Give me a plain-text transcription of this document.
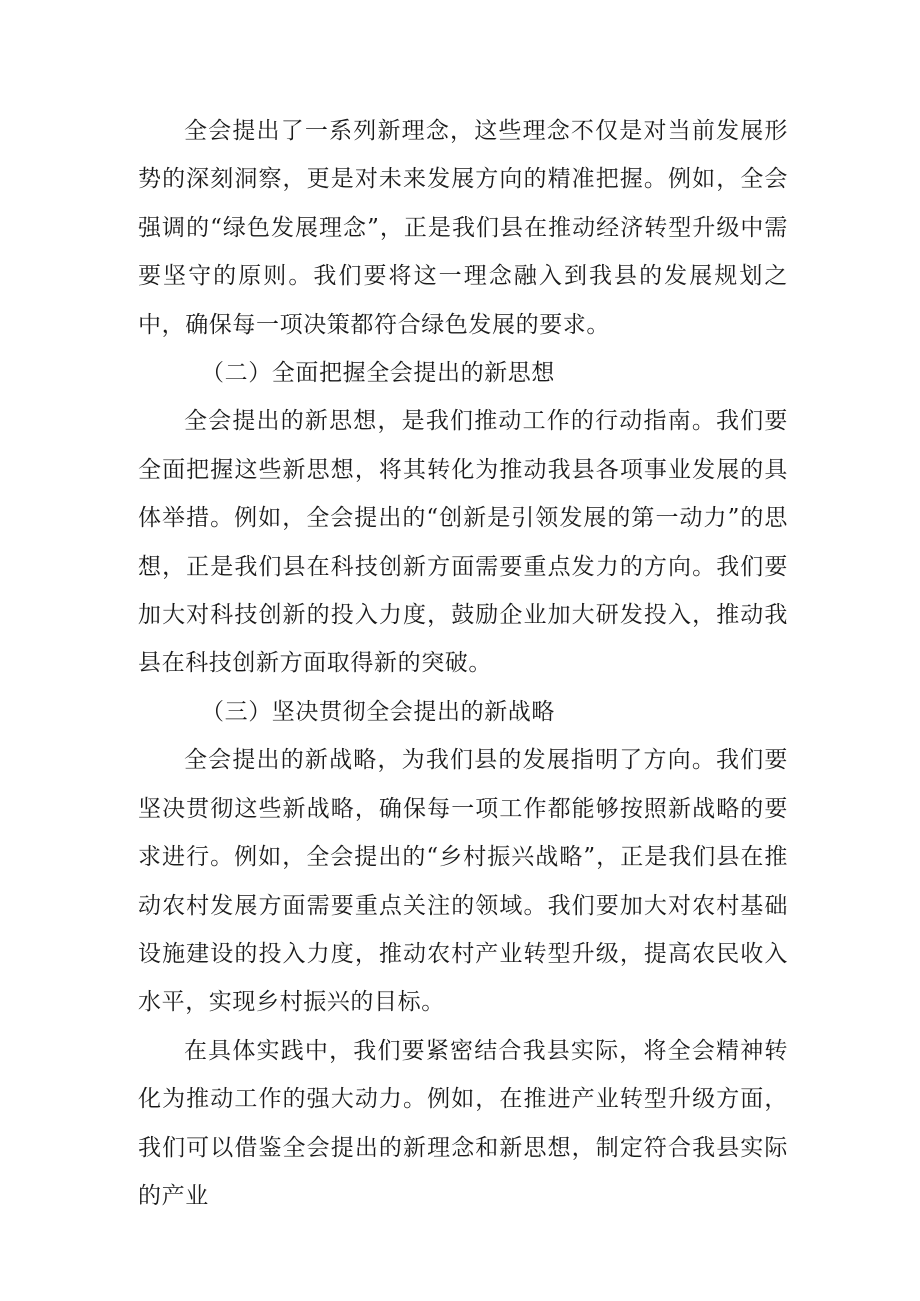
全会提出了一系列新理念，这些理念不仅是对当前发展形势的深刻洞察，更是对未来发展方向的精准把握。例如，全会强调的“绿色发展理念”，正是我们县在推动经济转型升级中需要坚守的原则。我们要将这一理念融入到我县的发展规划之中，确保每一项决策都符合绿色发展的要求。

（二）全面把握全会提出的新思想

全会提出的新思想，是我们推动工作的行动指南。我们要全面把握这些新思想，将其转化为推动我县各项事业发展的具体举措。例如，全会提出的“创新是引领发展的第一动力”的思想，正是我们县在科技创新方面需要重点发力的方向。我们要加大对科技创新的投入力度，鼓励企业加大研发投入，推动我县在科技创新方面取得新的突破。

（三）坚决贯彻全会提出的新战略

全会提出的新战略，为我们县的发展指明了方向。我们要坚决贯彻这些新战略，确保每一项工作都能够按照新战略的要求进行。例如，全会提出的“乡村振兴战略”，正是我们县在推动农村发展方面需要重点关注的领域。我们要加大对农村基础设施建设的投入力度，推动农村产业转型升级，提高农民收入水平，实现乡村振兴的目标。

在具体实践中，我们要紧密结合我县实际，将全会精神转化为推动工作的强大动力。例如，在推进产业转型升级方面，我们可以借鉴全会提出的新理念和新思想，制定符合我县实际的产业
